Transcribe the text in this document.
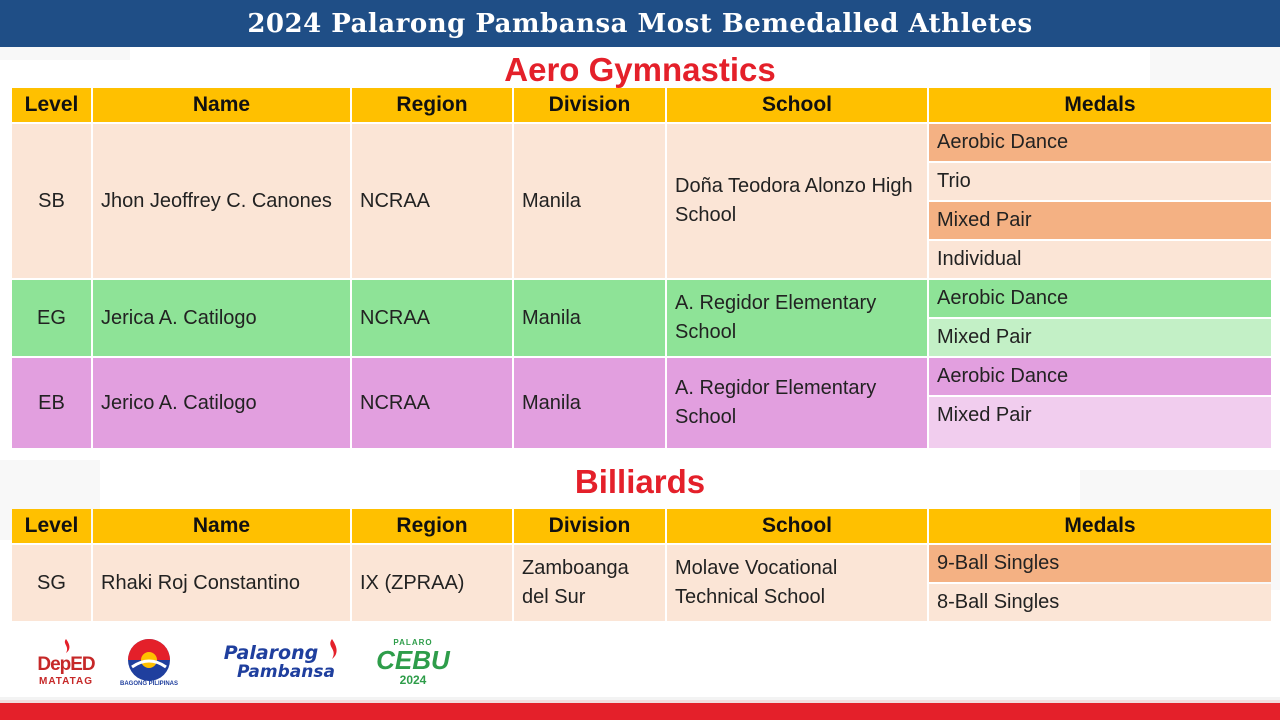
2024 Palarong Pambansa Most Bemedalled Athletes
Aero Gymnastics
Level	Name	Region	Division	School	Medals
SB	Jhon Jeoffrey C. Canones	NCRAA	Manila	Doña Teodora Alonzo High School	Aerobic Dance
					Trio
					Mixed Pair
					Individual
EG	Jerica A. Catilogo	NCRAA	Manila	A. Regidor Elementary School	Aerobic Dance
					Mixed Pair
EB	Jerico A. Catilogo	NCRAA	Manila	A. Regidor Elementary School	Aerobic Dance
					Mixed Pair
Billiards
Level	Name	Region	Division	School	Medals
SG	Rhaki Roj Constantino	IX (ZPRAA)	Zamboanga del Sur	Molave Vocational Technical School	9-Ball Singles
					8-Ball Singles
DepED
MATATAG	BAGONG PILIPINAS
Palarong
Pambansa
PALARO
CEBU
2024
